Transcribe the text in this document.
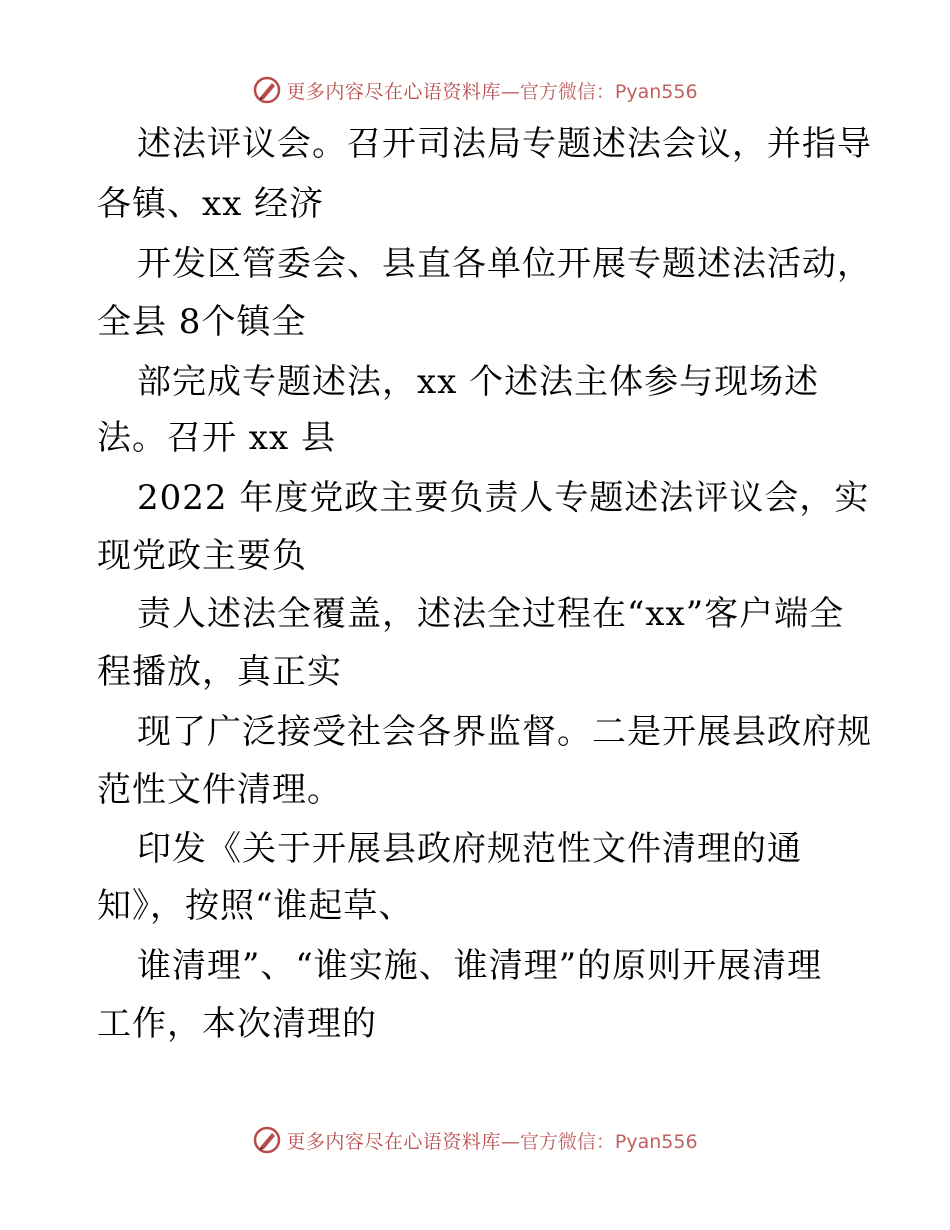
更多内容尽在心语资料库 —官方微信：Pyan556
述法评议会。召开司法局专题述法会议，并指导
各镇、xx 经济
开发区管委会、县直各单位开展专题述法活动，
全县 8个镇全
部完成专题述法，xx 个述法主体参与现场述
法。召开 xx 县
2022 年度党政主要负责人专题述法评议会，实
现党政主要负
责人述法全覆盖，述法全过程在“xx”客户端全
程播放，真正实
现了广泛接受社会各界监督。二是开展县政府规
范性文件清理。
印发《关于开展县政府规范性文件清理的通
知》，按照“谁起草、
谁清理”、“谁实施、谁清理”的原则开展清理
工作，本次清理的
更多内容尽在心语资料库 —官方微信：Pyan556
